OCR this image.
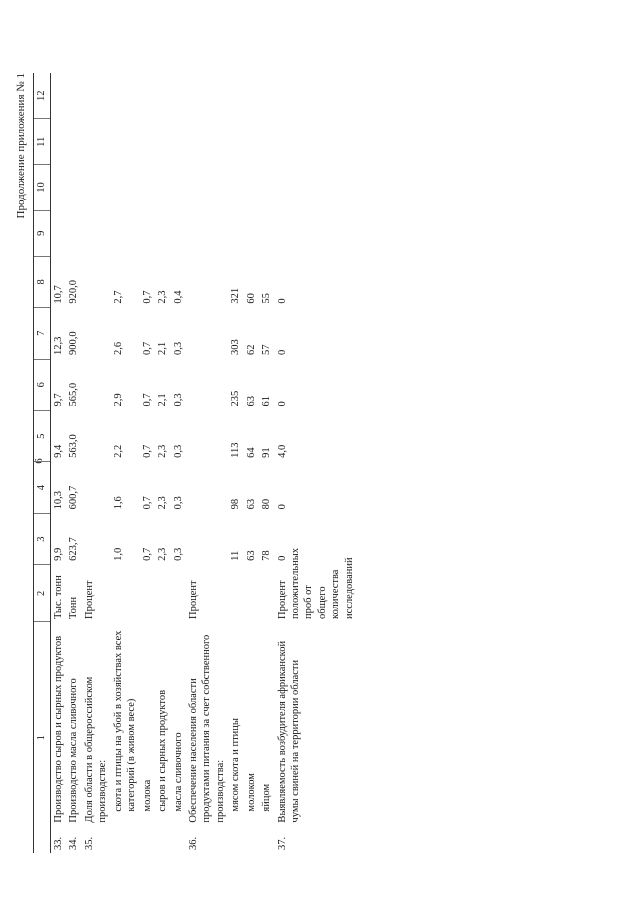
6
Продолжение приложения № 1
1		2	3	4	5	6	7	8	9	10	11	12

33.	Производство сыров и сырных продуктов	Тыс. тонн	9,9	10,3	9,4	9,7	12,3	10,7				
34.	Производство масла сливочного	Тонн	623,7	600,7	563,0	565,0	900,0	920,0				
35.	Доля области в общероссийском производстве:	Процент										
	скота и птицы на убой в хозяйствах всех категорий (в живом весе)		1,0	1,6	2,2	2,9	2,6	2,7				
	молока		0,7	0,7	0,7	0,7	0,7	0,7				
	сыров и сырных продуктов		2,3	2,3	2,3	2,1	2,1	2,3				
	масла сливочного		0,3	0,3	0,3	0,3	0,3	0,4				
36.	Обеспечение населения области продуктами питания за счет собственного производства:	Процент										
	мясом скота и птицы		11	98	113	235	303	321				
	молоком		63	63	64	63	62	60				
	яйцом		78	80	91	61	57	55				
37.	Выявляемость возбудителя африканской чумы свиней на территории области	Процент положительных проб от общего количества исследований	0	0	4,0	0	0	0				
